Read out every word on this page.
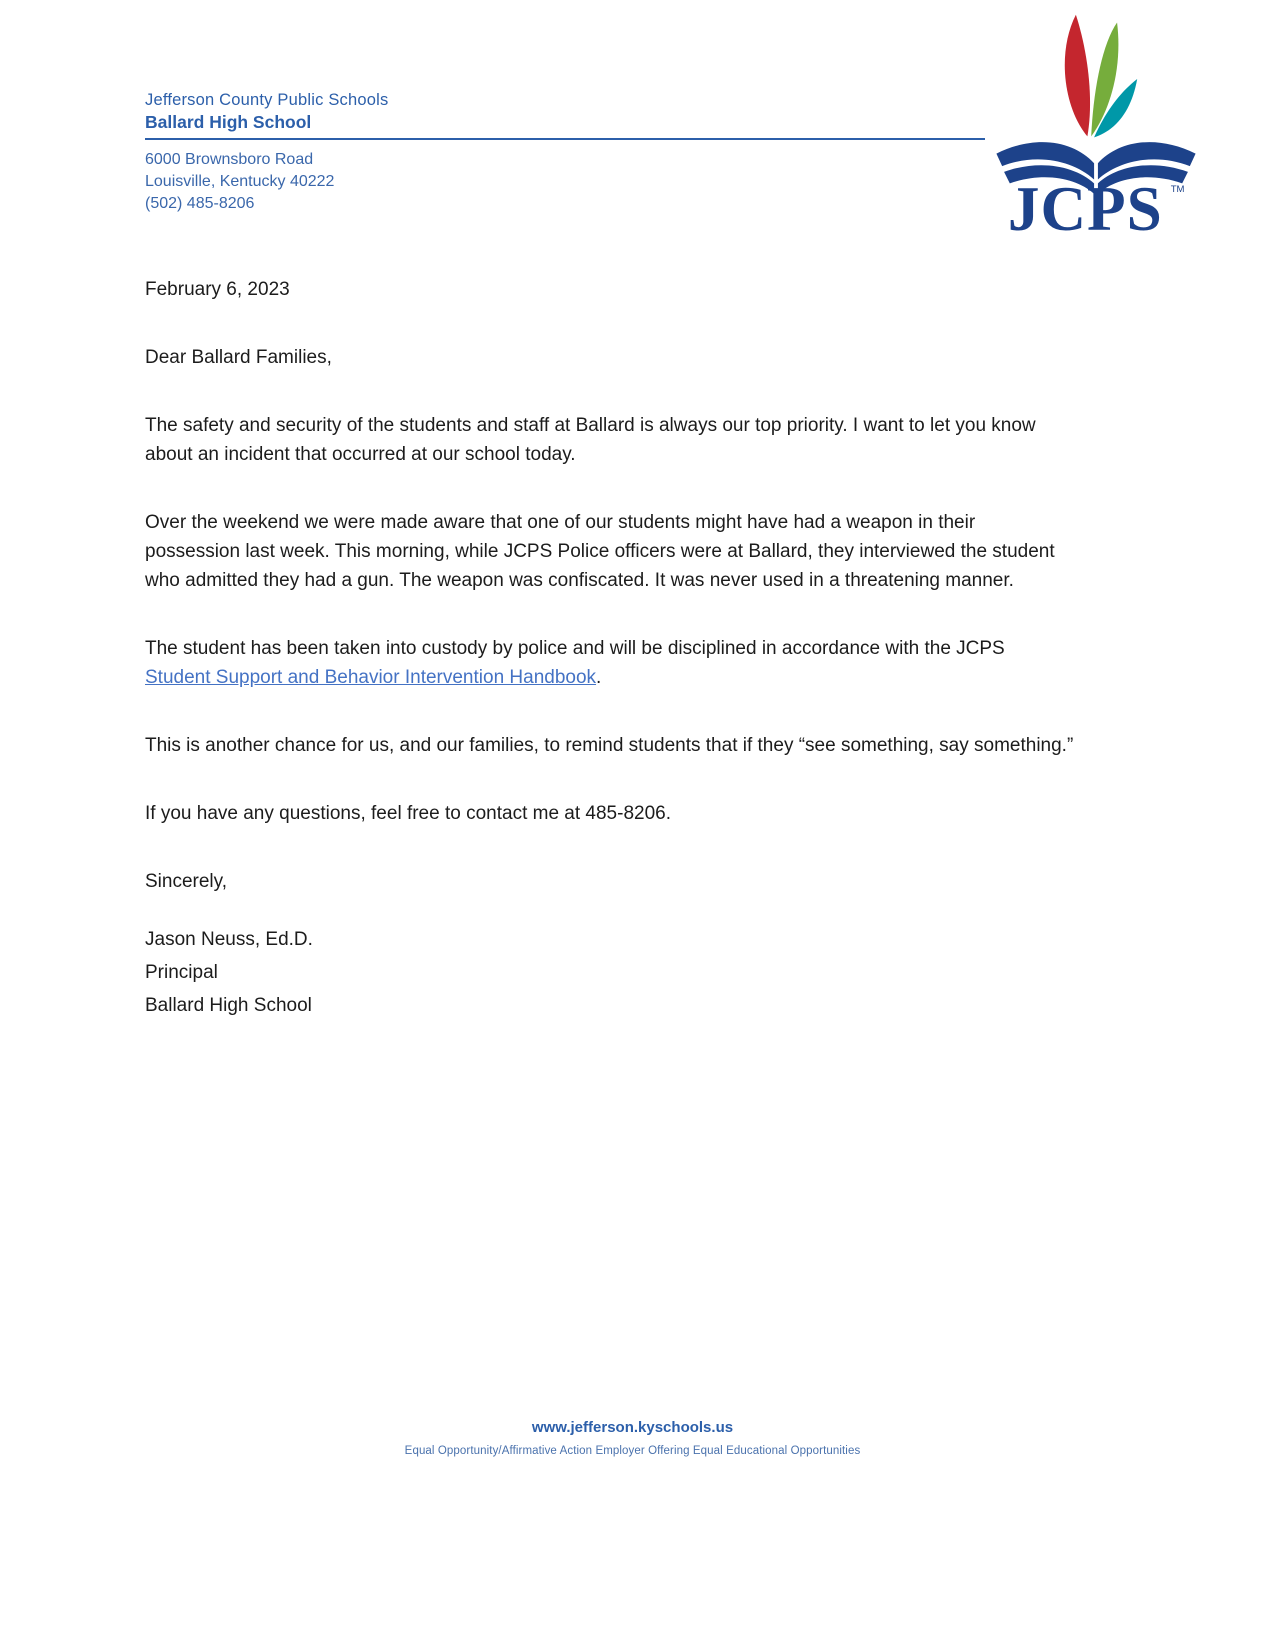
Jefferson County Public Schools
Ballard High School
6000 Brownsboro Road
Louisville, Kentucky 40222
(502) 485-8206	JCPS TM

February 6, 2023

Dear Ballard Families,

The safety and security of the students and staff at Ballard is always our top priority. I want to let you know about an incident that occurred at our school today.

Over the weekend we were made aware that one of our students might have had a weapon in their possession last week. This morning, while JCPS Police officers were at Ballard, they interviewed the student who admitted they had a gun. The weapon was confiscated. It was never used in a threatening manner.

The student has been taken into custody by police and will be disciplined in accordance with the JCPS Student Support and Behavior Intervention Handbook.

This is another chance for us, and our families, to remind students that if they “see something, say something.”

If you have any questions, feel free to contact me at 485-8206.

Sincerely,

Jason Neuss, Ed.D.
Principal
Ballard High School
www.jefferson.kyschools.us
Equal Opportunity/Affirmative Action Employer Offering Equal Educational Opportunities
